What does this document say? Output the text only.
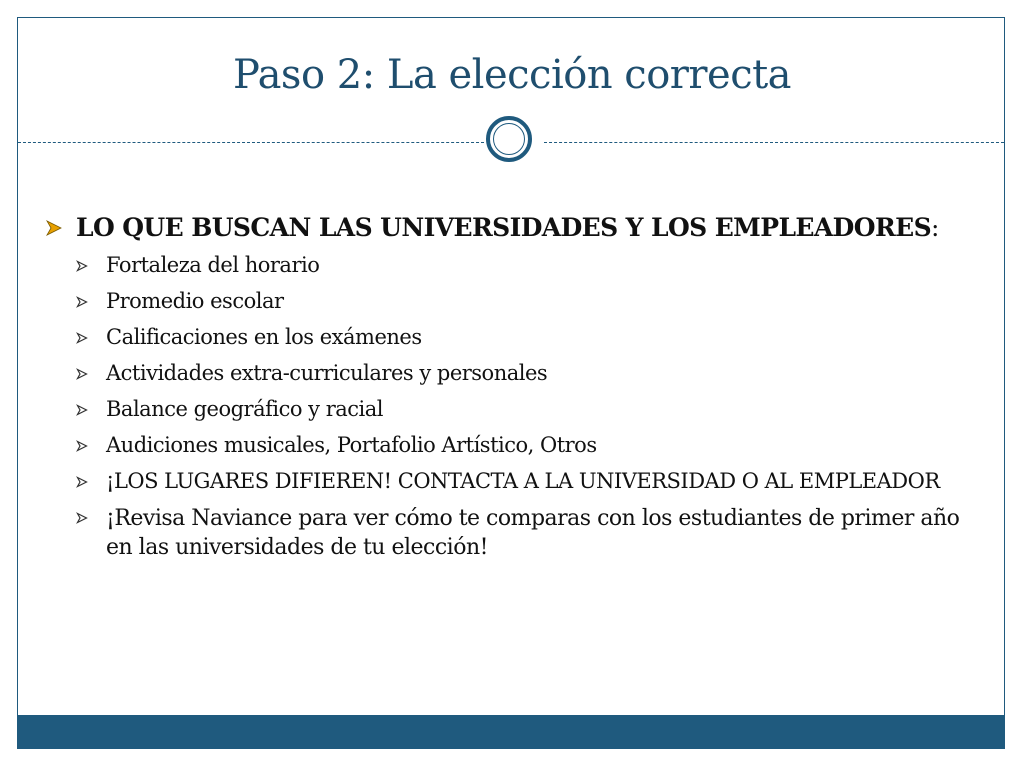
Paso 2: La elección correcta
LO QUE BUSCAN LAS UNIVERSIDADES Y LOS EMPLEADORES:
Fortaleza del horario
Promedio escolar
Calificaciones en los exámenes
Actividades extra-curriculares y personales
Balance geográfico y racial
Audiciones musicales, Portafolio Artístico, Otros
¡LOS LUGARES DIFIEREN! CONTACTA A LA UNIVERSIDAD O AL EMPLEADOR
¡Revisa Naviance para ver cómo te comparas con los estudiantes de primer año en las universidades de tu elección!
